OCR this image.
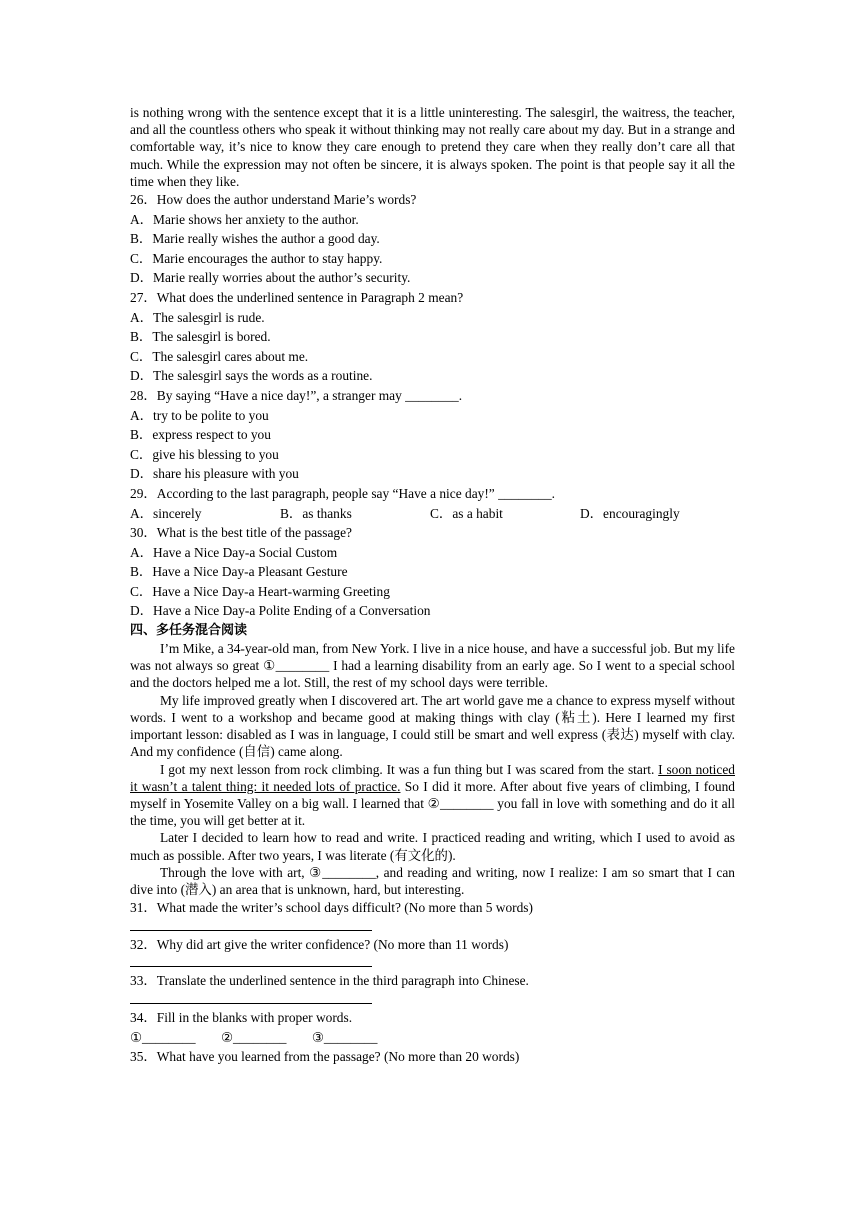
is nothing wrong with the sentence except that it is a little uninteresting. The salesgirl, the waitress, the teacher, and all the countless others who speak it without thinking may not really care about my day. But in a strange and comfortable way, it’s nice to know they care enough to pretend they care when they really don’t care all that much. While the expression may not often be sincere, it is always spoken. The point is that people say it all the time when they like.

26．How does the author understand Marie’s words?

A．Marie shows her anxiety to the author.

B．Marie really wishes the author a good day.

C．Marie encourages the author to stay happy.

D．Marie really worries about the author’s security.

27．What does the underlined sentence in Paragraph 2 mean?

A．The salesgirl is rude.

B．The salesgirl is bored.

C．The salesgirl cares about me.

D．The salesgirl says the words as a routine.

28．By saying “Have a nice day!”, a stranger may ________.

A．try to be polite to you

B．express respect to you

C．give his blessing to you

D．share his pleasure with you

29．According to the last paragraph, people say “Have a nice day!” ________.

A．sincerely	B．as thanks	C．as a habit	D．encouragingly

30．What is the best title of the passage?

A．Have a Nice Day-a Social Custom

B．Have a Nice Day-a Pleasant Gesture

C．Have a Nice Day-a Heart-warming Greeting

D．Have a Nice Day-a Polite Ending of a Conversation

四、多任务混合阅读

I’m Mike, a 34-year-old man, from New York. I live in a nice house, and have a successful job. But my life was not always so great ①________ I had a learning disability from an early age. So I went to a special school and the doctors helped me a lot. Still, the rest of my school days were terrible.

My life improved greatly when I discovered art. The art world gave me a chance to express myself without words. I went to a workshop and became good at making things with clay (粘土). Here I learned my first important lesson: disabled as I was in language, I could still be smart and well express (表达) myself with clay. And my confidence (自信) came along.

I got my next lesson from rock climbing. It was a fun thing but I was scared from the start. I soon noticed it wasn’t a talent thing: it needed lots of practice. So I did it more. After about five years of climbing, I found myself in Yosemite Valley on a big wall. I learned that ②________ you fall in love with something and do it all the time, you will get better at it.

Later I decided to learn how to read and write. I practiced reading and writing, which I used to avoid as much as possible. After two years, I was literate (有文化的).

Through the love with art, ③________, and reading and writing, now I realize: I am so smart that I can dive into (潜入) an area that is unknown, hard, but interesting.

31．What made the writer’s school days difficult? (No more than 5 words)

32．Why did art give the writer confidence? (No more than 11 words)

33．Translate the underlined sentence in the third paragraph into Chinese.

34．Fill in the blanks with proper words.

①________ ②________ ③________

35．What have you learned from the passage? (No more than 20 words)
